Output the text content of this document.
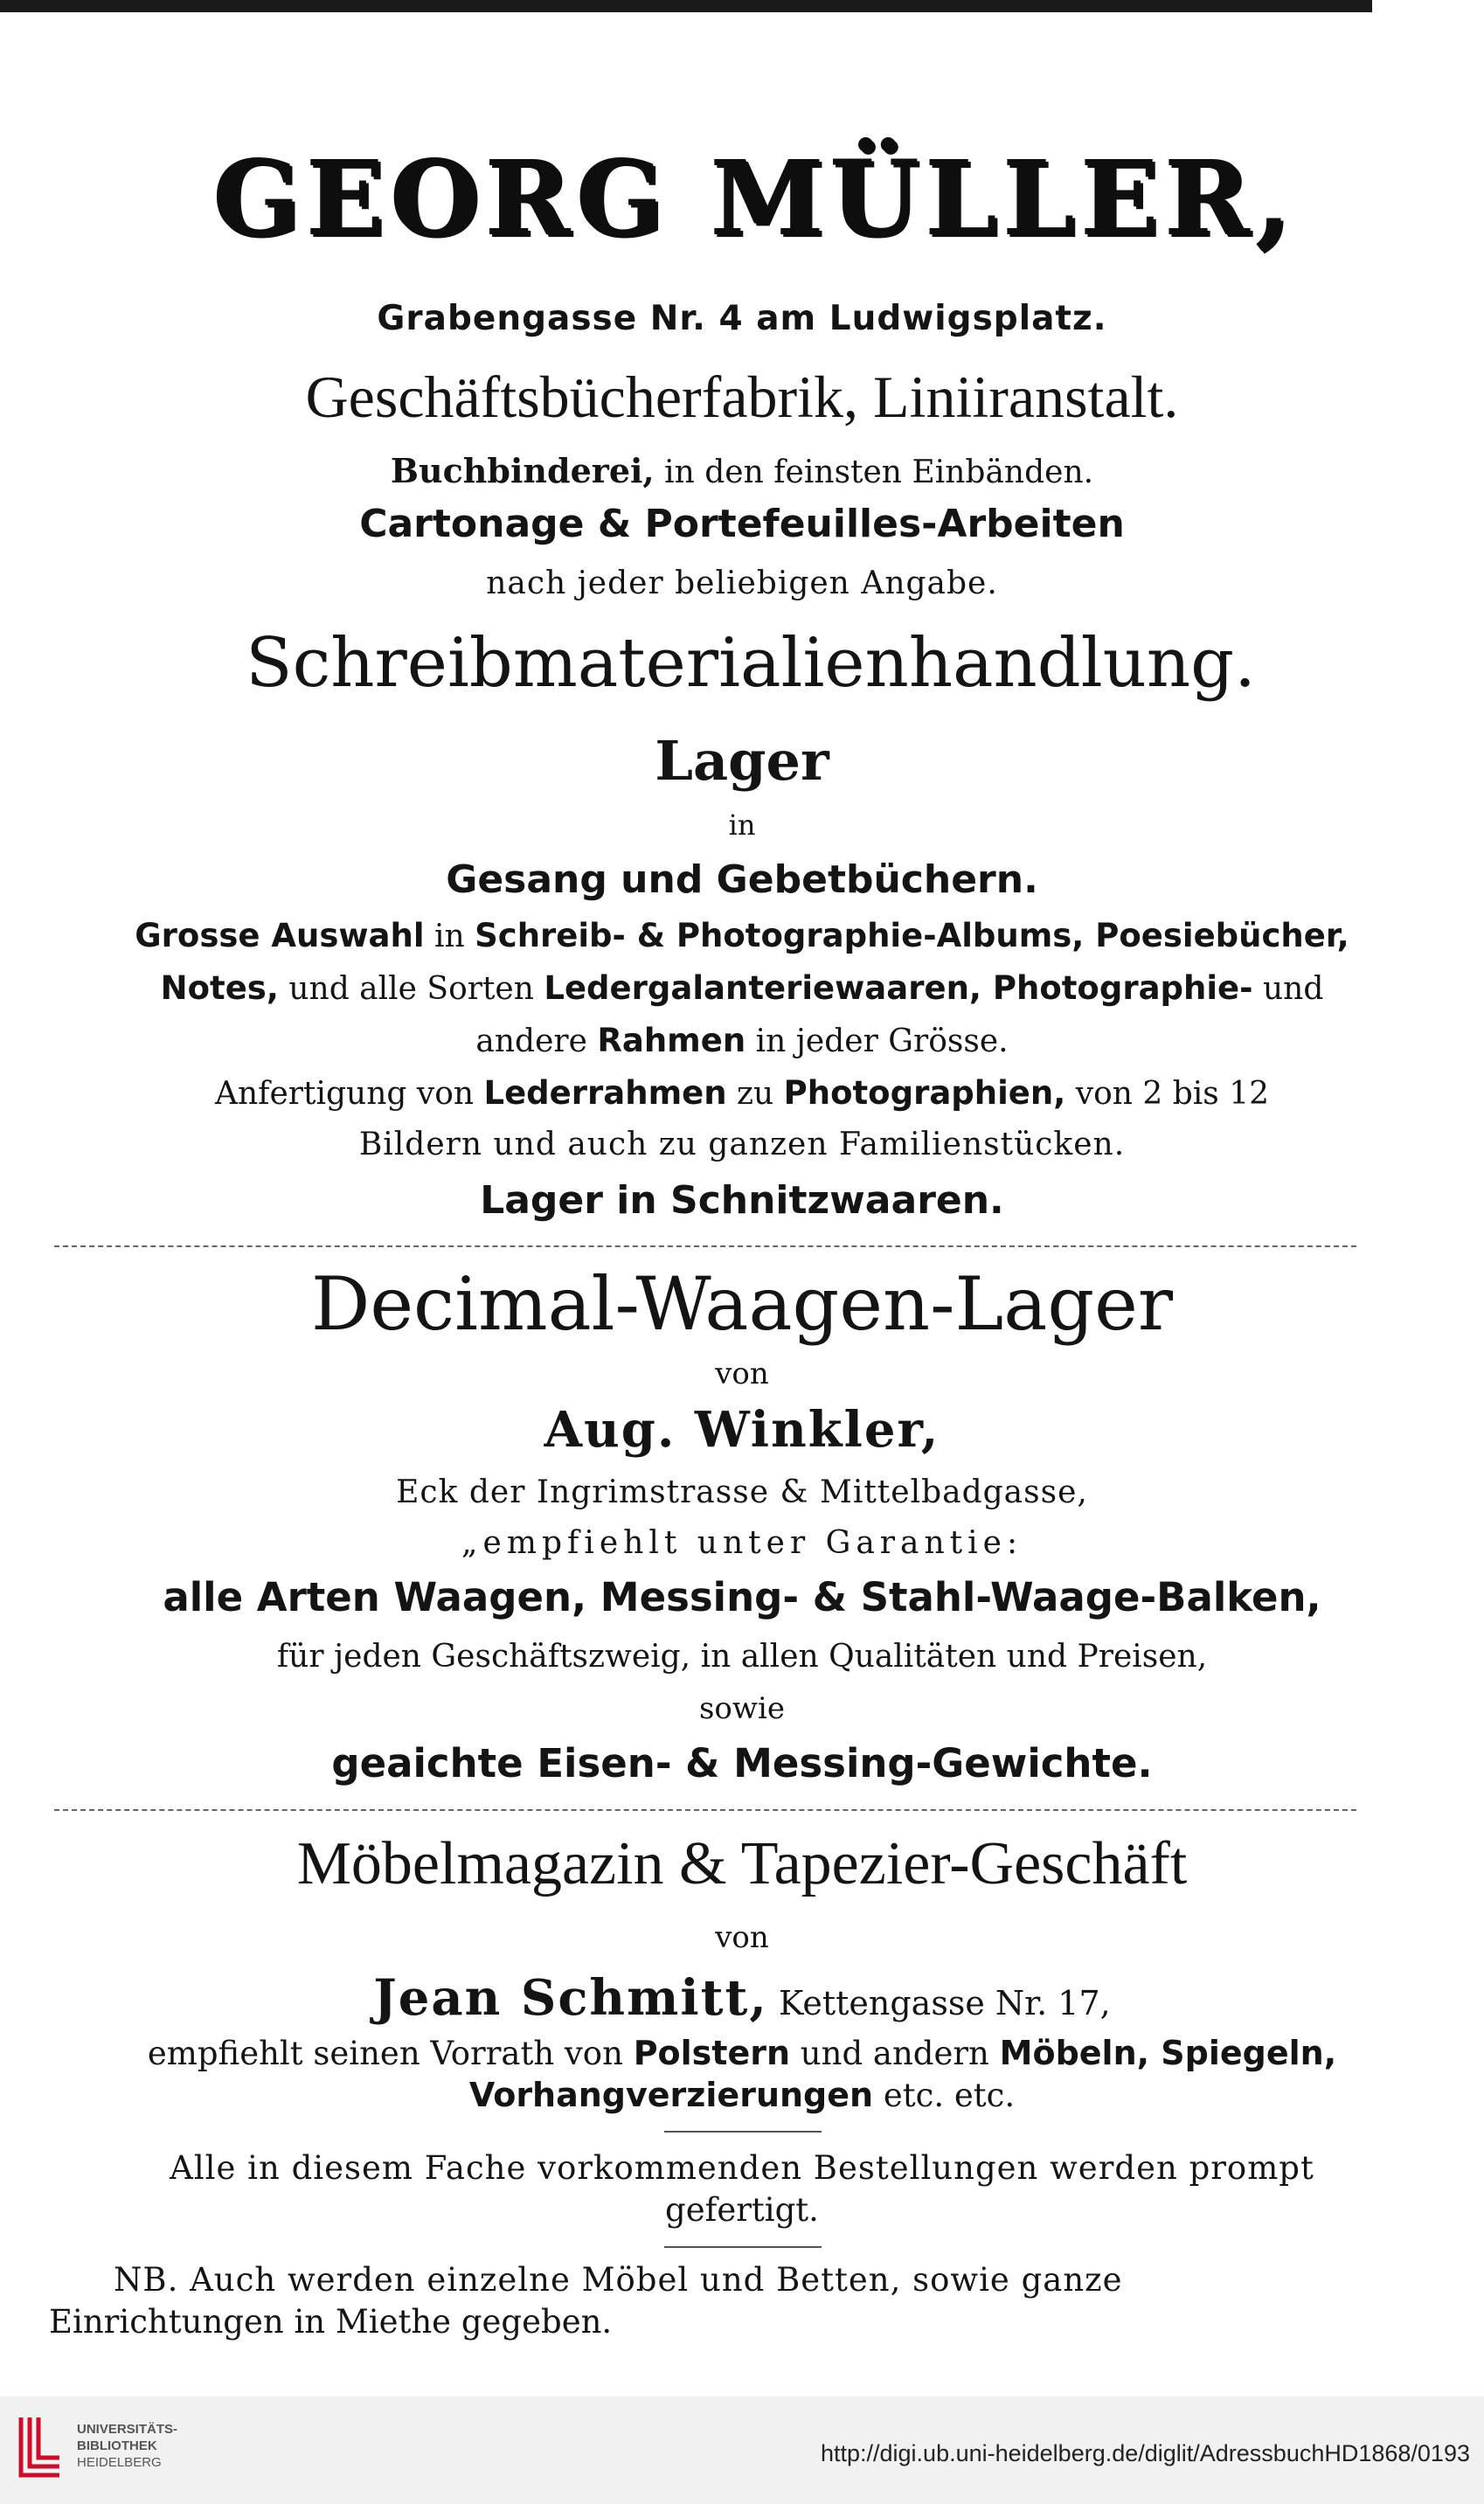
GEORG MÜLLER,
Grabengasse Nr. 4 am Ludwigsplatz.
Geschäftsbücherfabrik, Liniiranstalt.
Buchbinderei, in den feinsten Einbänden.
Cartonage & Portefeuilles-Arbeiten
nach jeder beliebigen Angabe.
Schreibmaterialienhandlung.
Lager
in
Gesang und Gebetbüchern.
Grosse Auswahl in Schreib- & Photographie-Albums, Poesiebücher,
Notes, und alle Sorten Ledergalanteriewaaren, Photographie- und
andere Rahmen in jeder Grösse.
Anfertigung von Lederrahmen zu Photographien, von 2 bis 12
Bildern und auch zu ganzen Familienstücken.
Lager in Schnitzwaaren.
Decimal-Waagen-Lager
von
Aug. Winkler,
Eck der Ingrimstrasse & Mittelbadgasse,
„empfiehlt unter Garantie:
alle Arten Waagen, Messing- & Stahl-Waage-Balken,
für jeden Geschäftszweig, in allen Qualitäten und Preisen,
sowie
geaichte Eisen- & Messing-Gewichte.
Möbelmagazin & Tapezier-Geschäft
von
Jean Schmitt, Kettengasse Nr. 17,
empfiehlt seinen Vorrath von Polstern und andern Möbeln, Spiegeln,
Vorhangverzierungen etc. etc.
Alle in diesem Fache vorkommenden Bestellungen werden prompt
gefertigt.
NB. Auch werden einzelne Möbel und Betten, sowie ganze
Einrichtungen in Miethe gegeben.
UNIVERSITÄTS-
BIBLIOTHEK
HEIDELBERG	http://digi.ub.uni-heidelberg.de/diglit/AdressbuchHD1868/0193
